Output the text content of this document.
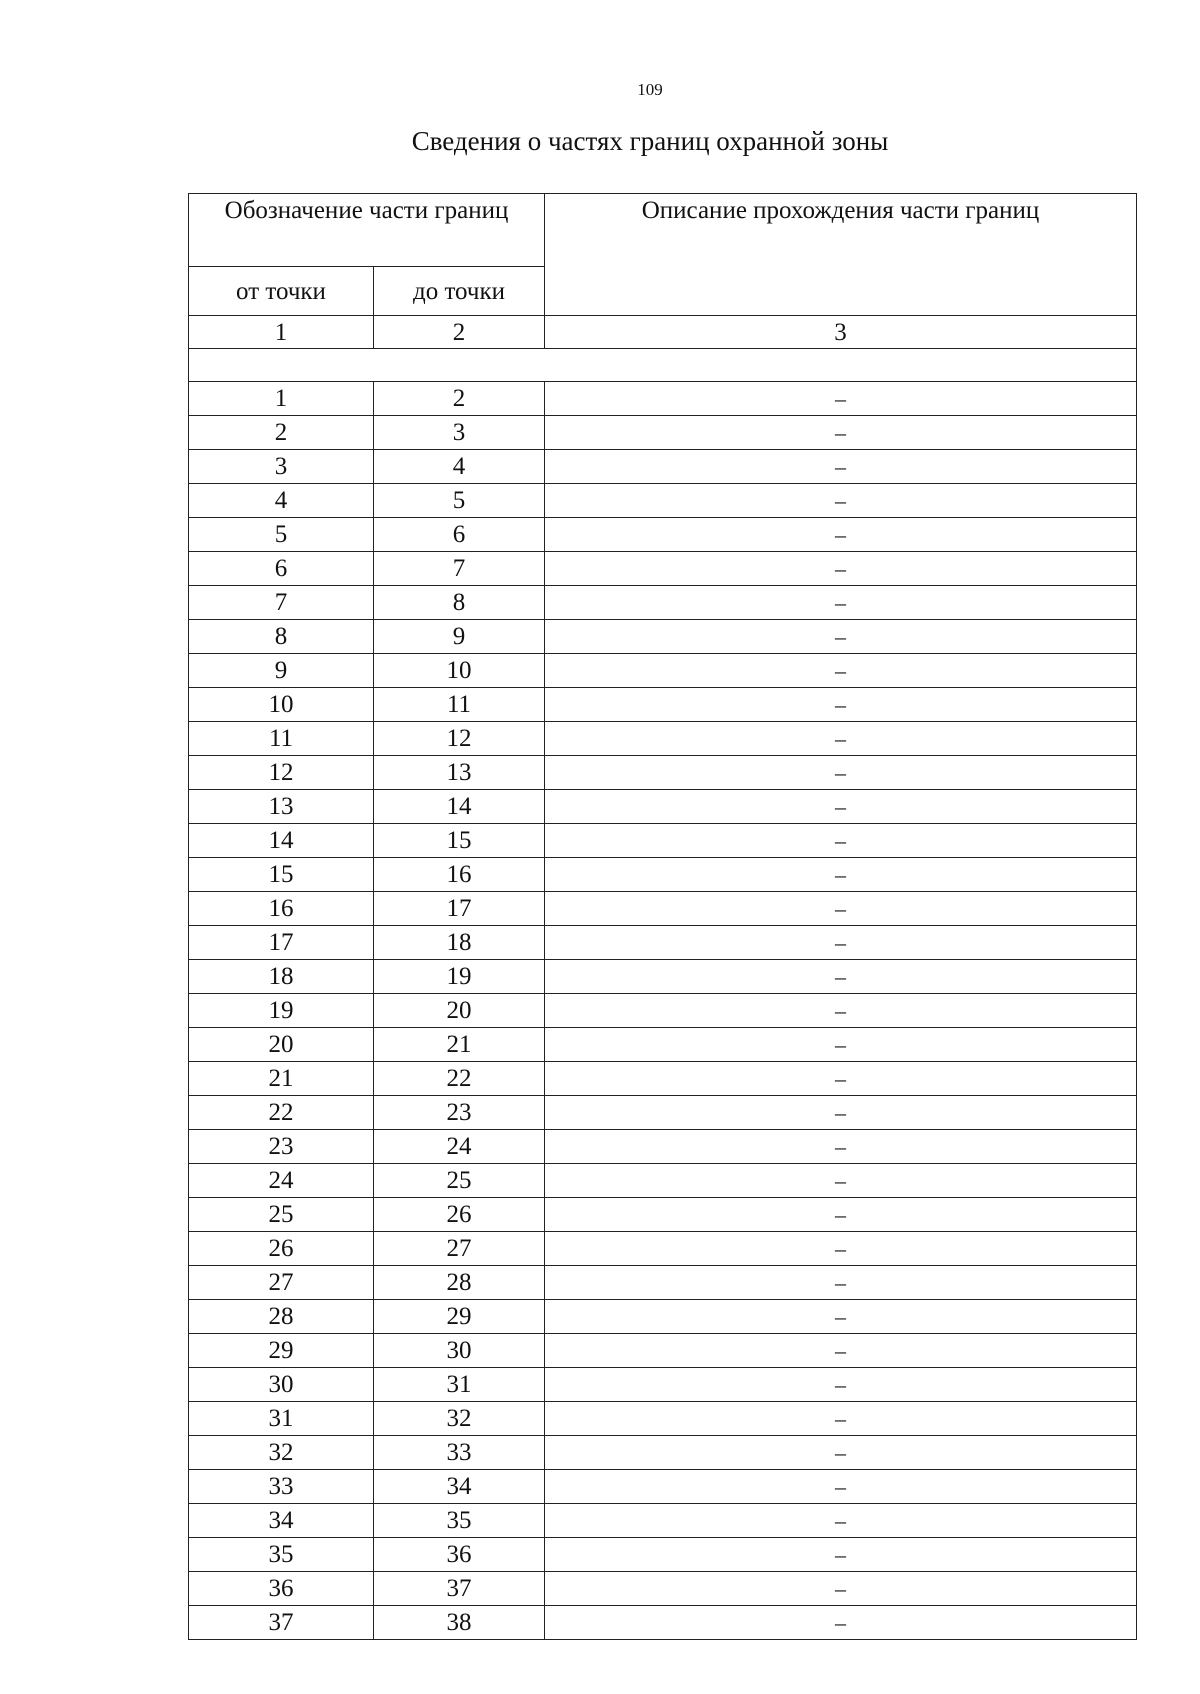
109
Сведения о частях границ охранной зоны
Обозначение части границ		Описание прохождения части границ
от точки	до точки	
1	2	3

1	2	–
2	3	–
3	4	–
4	5	–
5	6	–
6	7	–
7	8	–
8	9	–
9	10	–
10	11	–
11	12	–
12	13	–
13	14	–
14	15	–
15	16	–
16	17	–
17	18	–
18	19	–
19	20	–
20	21	–
21	22	–
22	23	–
23	24	–
24	25	–
25	26	–
26	27	–
27	28	–
28	29	–
29	30	–
30	31	–
31	32	–
32	33	–
33	34	–
34	35	–
35	36	–
36	37	–
37	38	–
